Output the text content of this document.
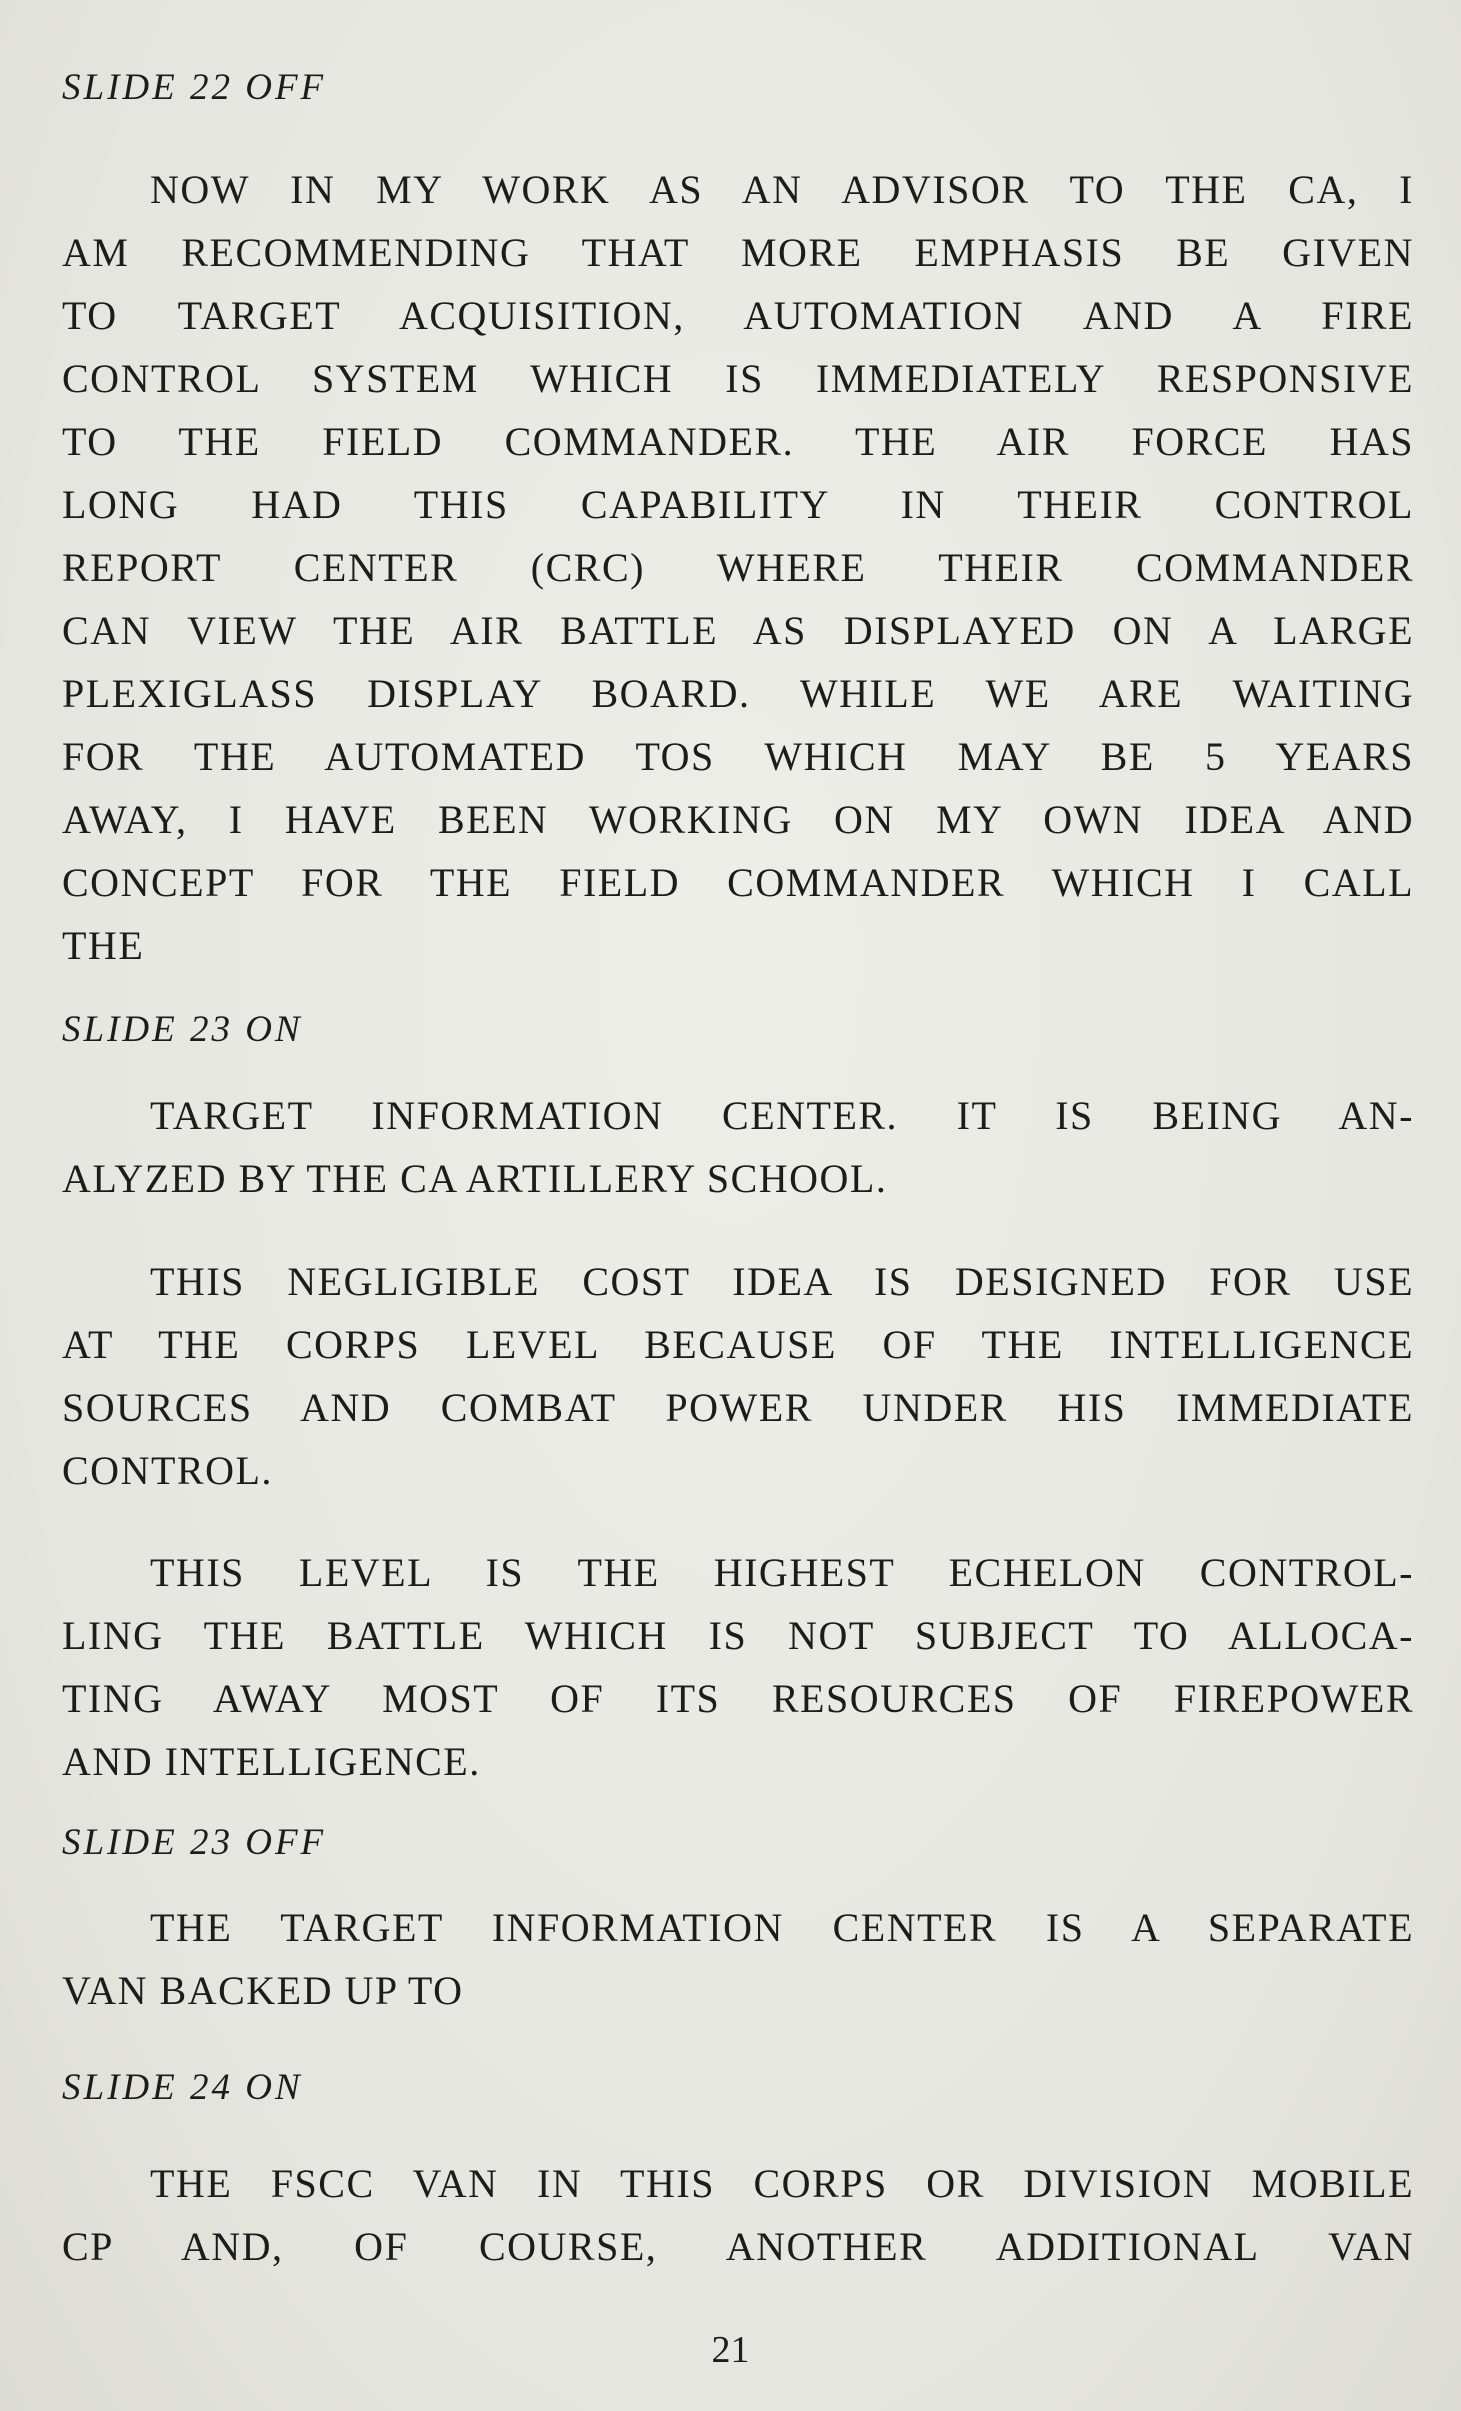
SLIDE 22 OFF
NOW IN MY WORK AS AN ADVISOR TO THE CA, I
AM RECOMMENDING THAT MORE EMPHASIS BE GIVEN
TO TARGET ACQUISITION, AUTOMATION AND A FIRE
CONTROL SYSTEM WHICH IS IMMEDIATELY RESPONSIVE
TO THE FIELD COMMANDER. THE AIR FORCE HAS
LONG HAD THIS CAPABILITY IN THEIR CONTROL
REPORT CENTER (CRC) WHERE THEIR COMMANDER
CAN VIEW THE AIR BATTLE AS DISPLAYED ON A LARGE
PLEXIGLASS DISPLAY BOARD. WHILE WE ARE WAITING
FOR THE AUTOMATED TOS WHICH MAY BE 5 YEARS
AWAY, I HAVE BEEN WORKING ON MY OWN IDEA AND
CONCEPT FOR THE FIELD COMMANDER WHICH I CALL
THE
SLIDE 23 ON
TARGET INFORMATION CENTER. IT IS BEING AN-
ALYZED BY THE CA ARTILLERY SCHOOL.
THIS NEGLIGIBLE COST IDEA IS DESIGNED FOR USE
AT THE CORPS LEVEL BECAUSE OF THE INTELLIGENCE
SOURCES AND COMBAT POWER UNDER HIS IMMEDIATE
CONTROL.
THIS LEVEL IS THE HIGHEST ECHELON CONTROL-
LING THE BATTLE WHICH IS NOT SUBJECT TO ALLOCA-
TING AWAY MOST OF ITS RESOURCES OF FIREPOWER
AND INTELLIGENCE.
SLIDE 23 OFF
THE TARGET INFORMATION CENTER IS A SEPARATE
VAN BACKED UP TO
SLIDE 24 ON
THE FSCC VAN IN THIS CORPS OR DIVISION MOBILE
CP AND, OF COURSE, ANOTHER ADDITIONAL VAN
21
